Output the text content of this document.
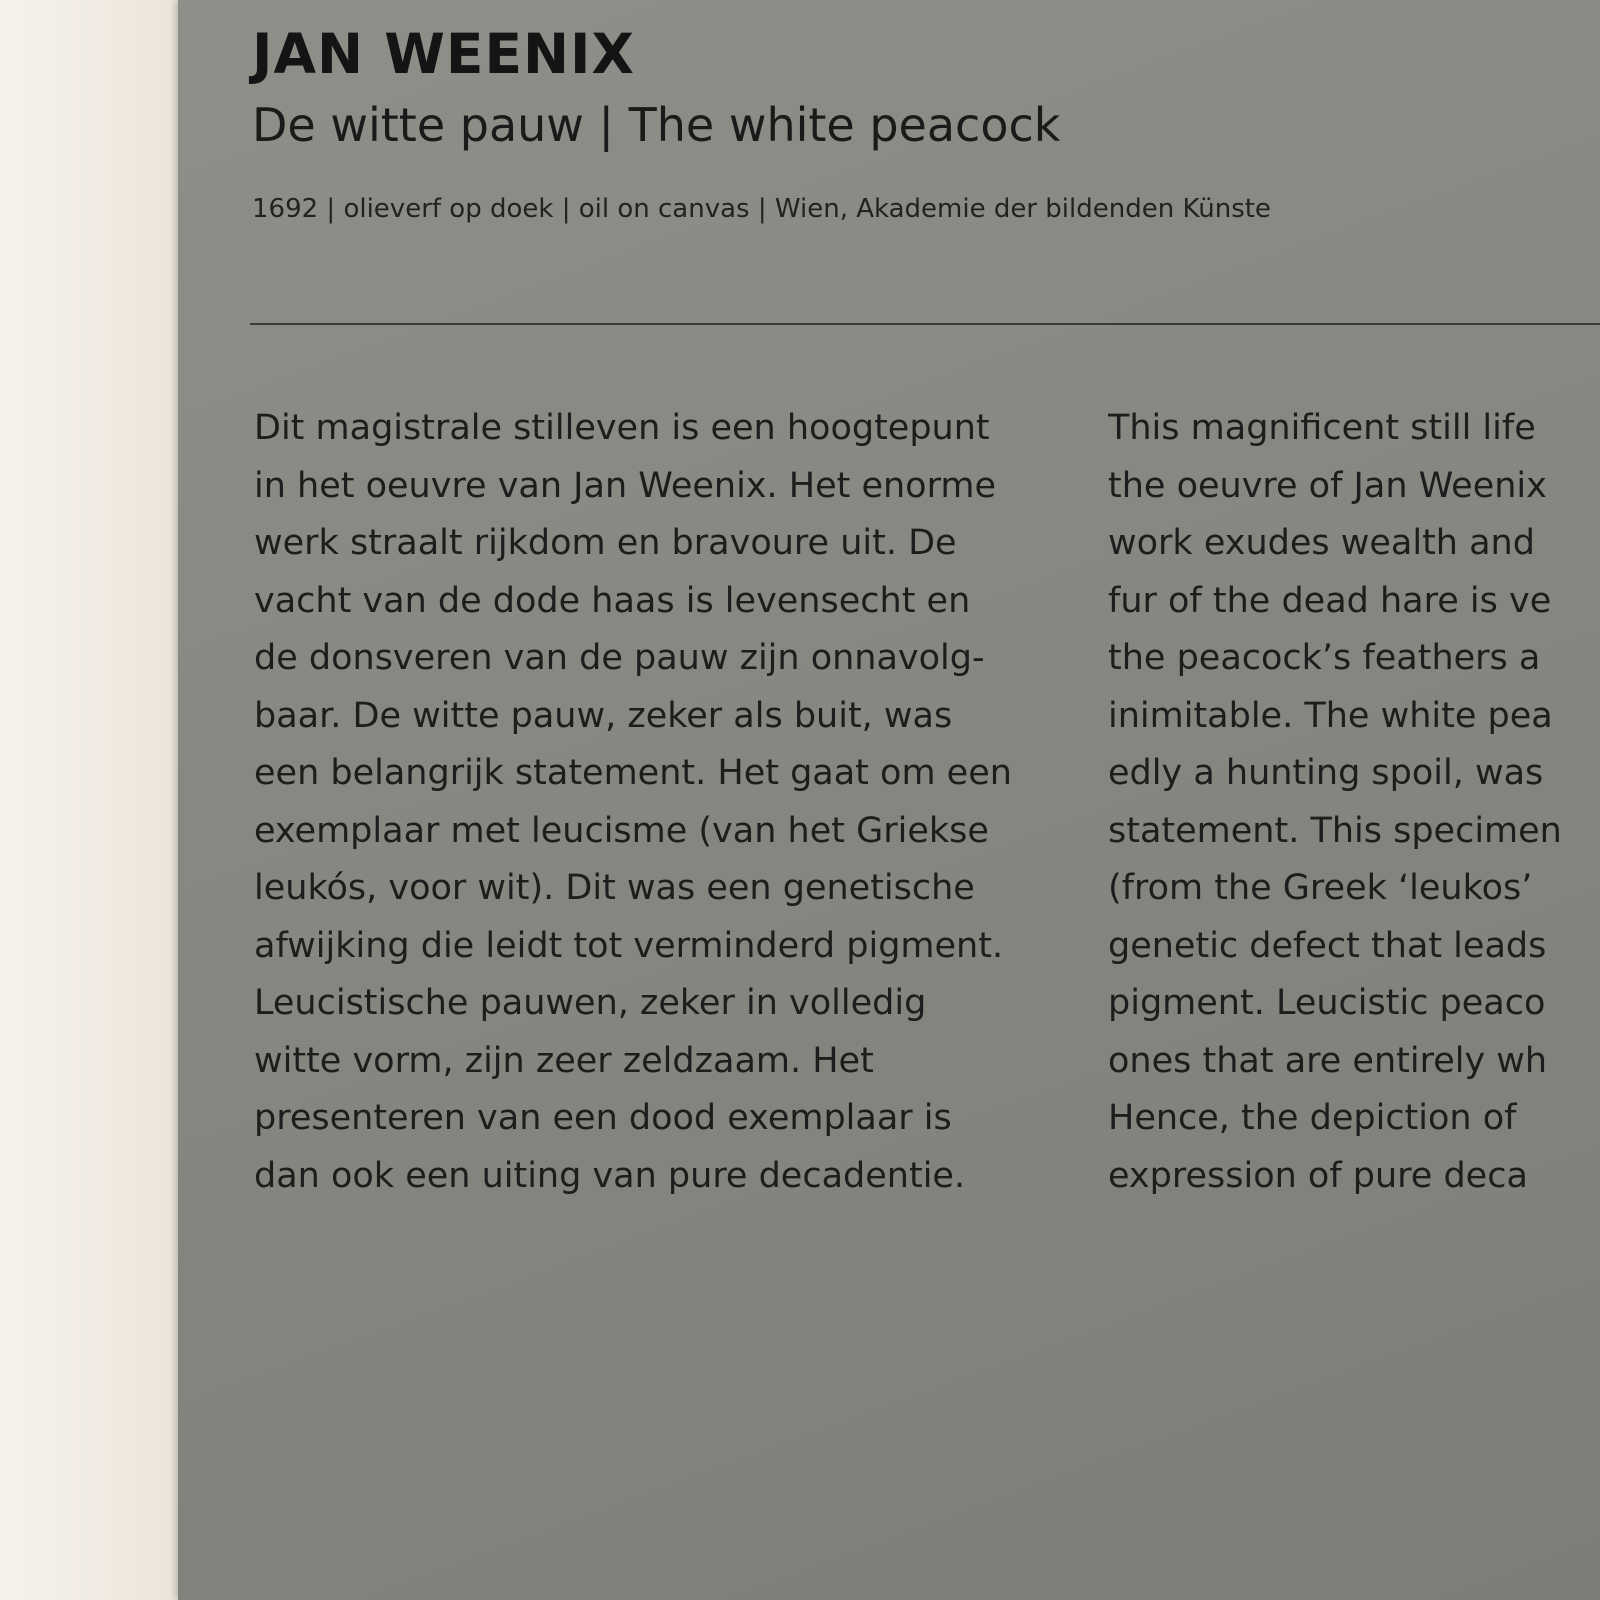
JAN WEENIX
De witte pauw | The white peacock

1692 | olieverf op doek | oil on canvas | Wien, Akademie der bildenden Künste

Dit magistrale stilleven is een hoogtepunt
in het oeuvre van Jan Weenix. Het enorme
werk straalt rijkdom en bravoure uit. De
vacht van de dode haas is levensecht en
de donsveren van de pauw zijn onnavolg-
baar. De witte pauw, zeker als buit, was
een belangrijk statement. Het gaat om een
exemplaar met leucisme (van het Griekse
leukós, voor wit). Dit was een genetische
afwijking die leidt tot verminderd pigment.
Leucistische pauwen, zeker in volledig
witte vorm, zijn zeer zeldzaam. Het
presenteren van een dood exemplaar is
dan ook een uiting van pure decadentie.
This magnificent still life
the oeuvre of Jan Weenix
work exudes wealth and
fur of the dead hare is ve
the peacock’s feathers a
inimitable. The white pea
edly a hunting spoil, was
statement. This specimen
(from the Greek ‘leukos’
genetic defect that leads
pigment. Leucistic peaco
ones that are entirely wh
Hence, the depiction of
expression of pure deca
